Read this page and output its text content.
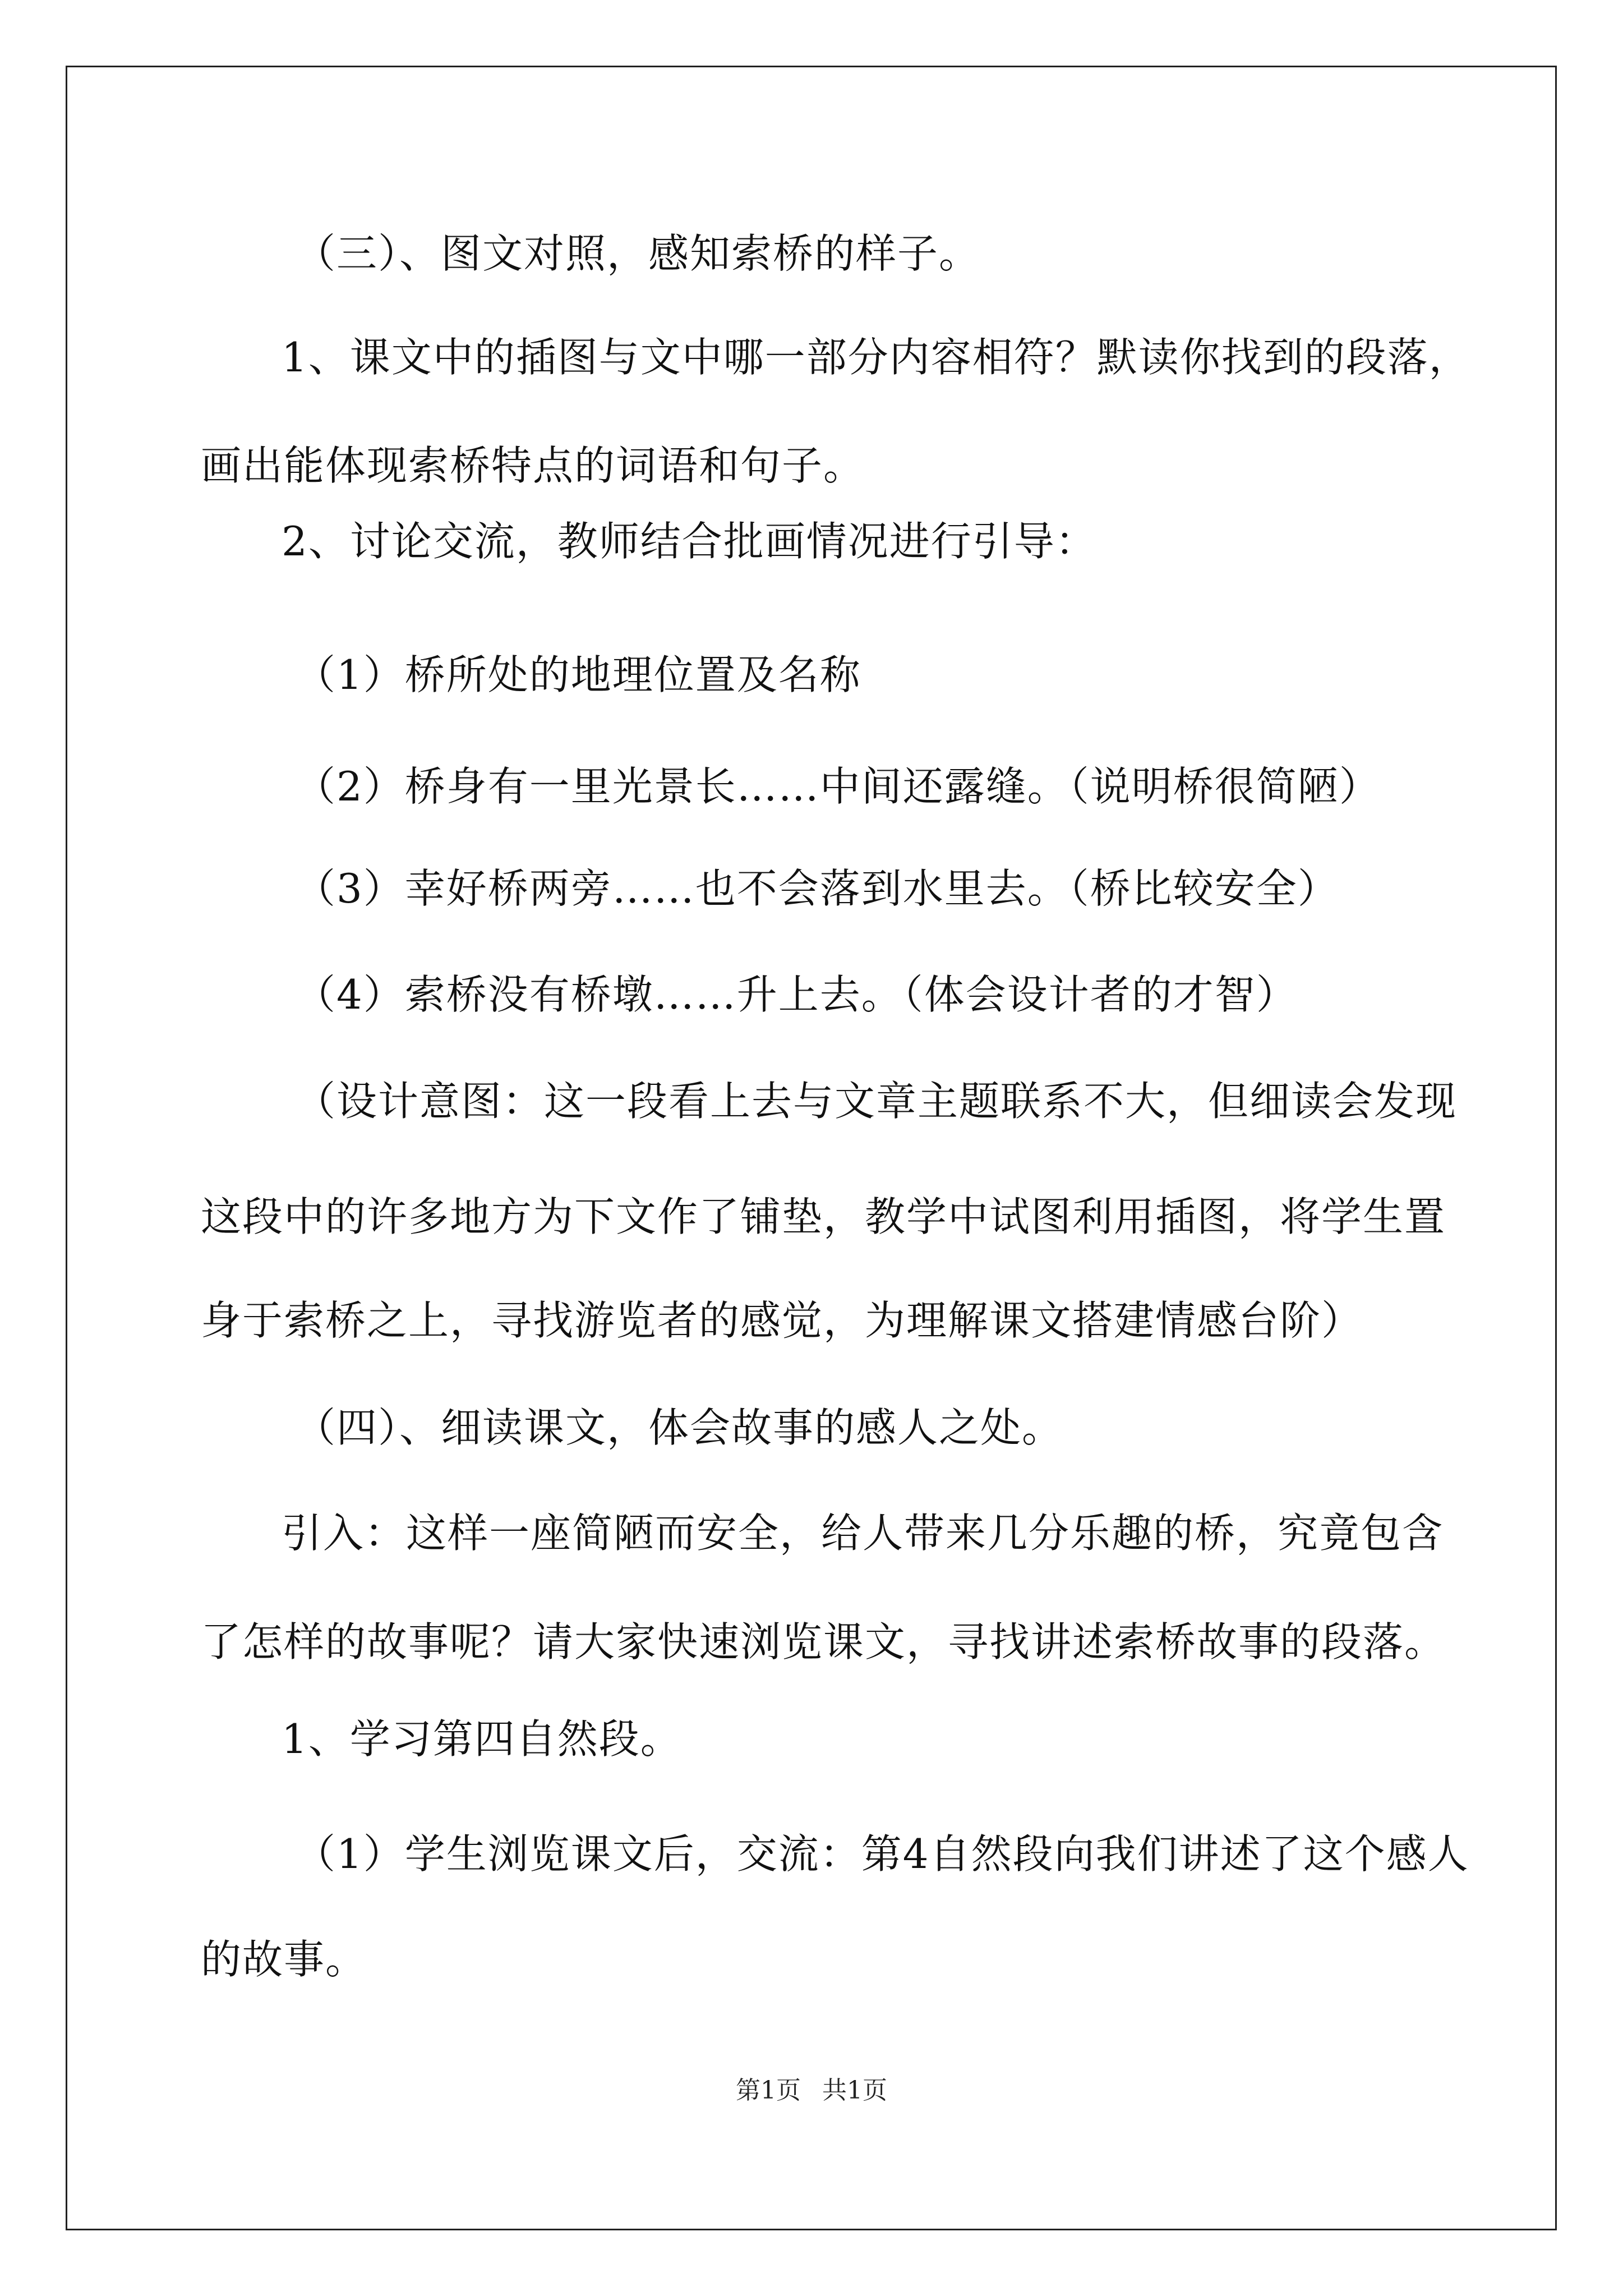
（三）、图文对照，感知索桥的样子。
1、课文中的插图与文中哪一部分内容相符？默读你找到的段落，
画出能体现索桥特点的词语和句子。
2、讨论交流，教师结合批画情况进行引导：
（1）桥所处的地理位置及名称
（2）桥身有一里光景长……中间还露缝。（说明桥很简陋）
（3）幸好桥两旁……也不会落到水里去。（桥比较安全）
（4）索桥没有桥墩……升上去。（体会设计者的才智）
（设计意图：这一段看上去与文章主题联系不大，但细读会发现
这段中的许多地方为下文作了铺垫，教学中试图利用插图，将学生置
身于索桥之上，寻找游览者的感觉，为理解课文搭建情感台阶）
（四）、细读课文，体会故事的感人之处。
引入：这样一座简陋而安全，给人带来几分乐趣的桥，究竟包含
了怎样的故事呢？请大家快速浏览课文，寻找讲述索桥故事的段落。
1、学习第四自然段。
（1）学生浏览课文后，交流：第4自然段向我们讲述了这个感人
的故事。
第1页 共1页
